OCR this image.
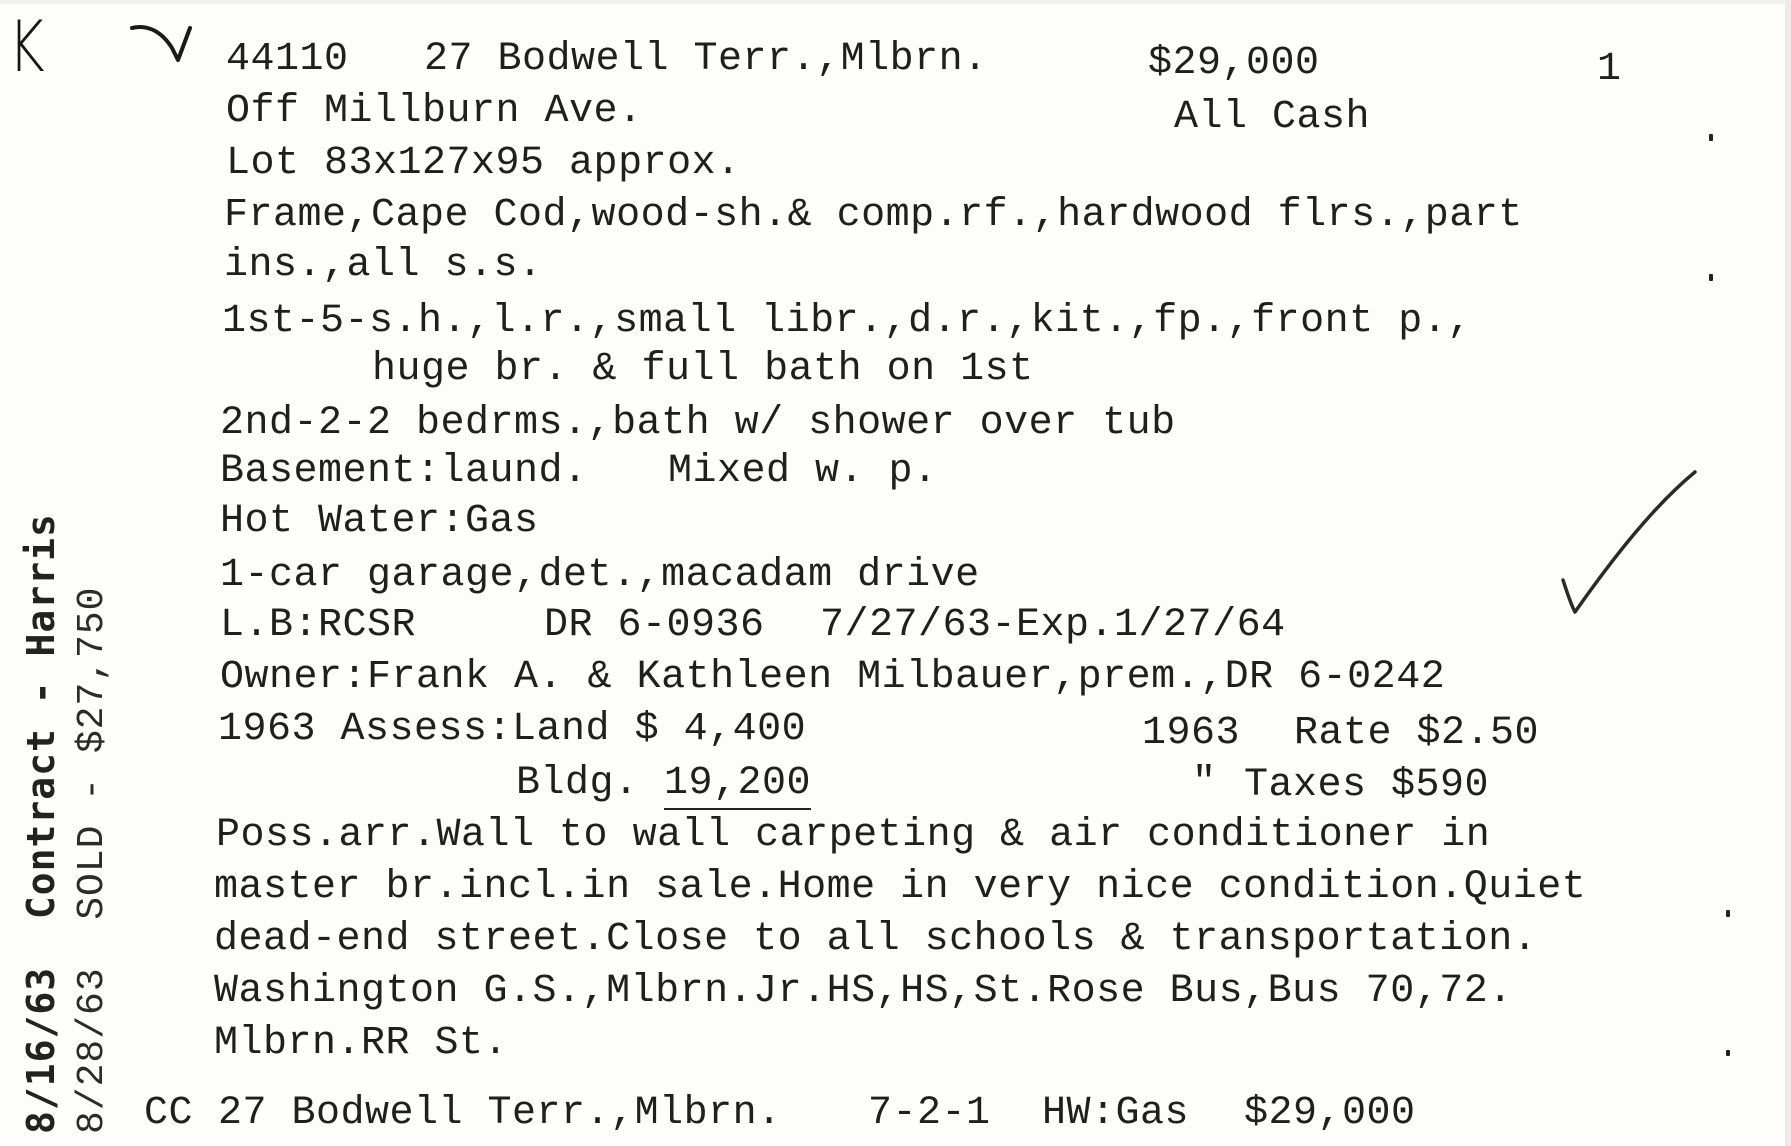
K	44110 27 Bodwell Terr.,Mlbrn.	$29,000	1
Off Millburn Ave.	All Cash
Lot 83x127x95 approx.
Frame,Cape Cod,wood-sh.& comp.rf.,hardwood flrs.,part
ins.,all s.s.
1st-5-s.h.,l.r.,small libr.,d.r.,kit.,fp.,front p.,
huge br. & full bath on 1st
2nd-2-2 bedrms.,bath w/ shower over tub
Basement:laund. Mixed w. p.
Hot Water:Gas
1-car garage,det.,macadam drive
L.B:RCSR	DR 6-0936 7/27/63-Exp.1/27/64
Owner:Frank A. & Kathleen Milbauer,prem.,DR 6-0242
1963 Assess:Land $ 4,400	1963 Rate $2.50
Bldg. 19,200	" Taxes $590
Poss.arr.Wall to wall carpeting & air conditioner in
master br.incl.in sale.Home in very nice condition.Quiet
dead-end street.Close to all schools & transportation.
Washington G.S.,Mlbrn.Jr.HS,HS,St.Rose Bus,Bus 70,72.
Mlbrn.RR St.
CC 27 Bodwell Terr.,Mlbrn. 7-2-1 HW:Gas $29,000
8/16/63  Contract - Harris 8/28/63  SOLD - $27,750
